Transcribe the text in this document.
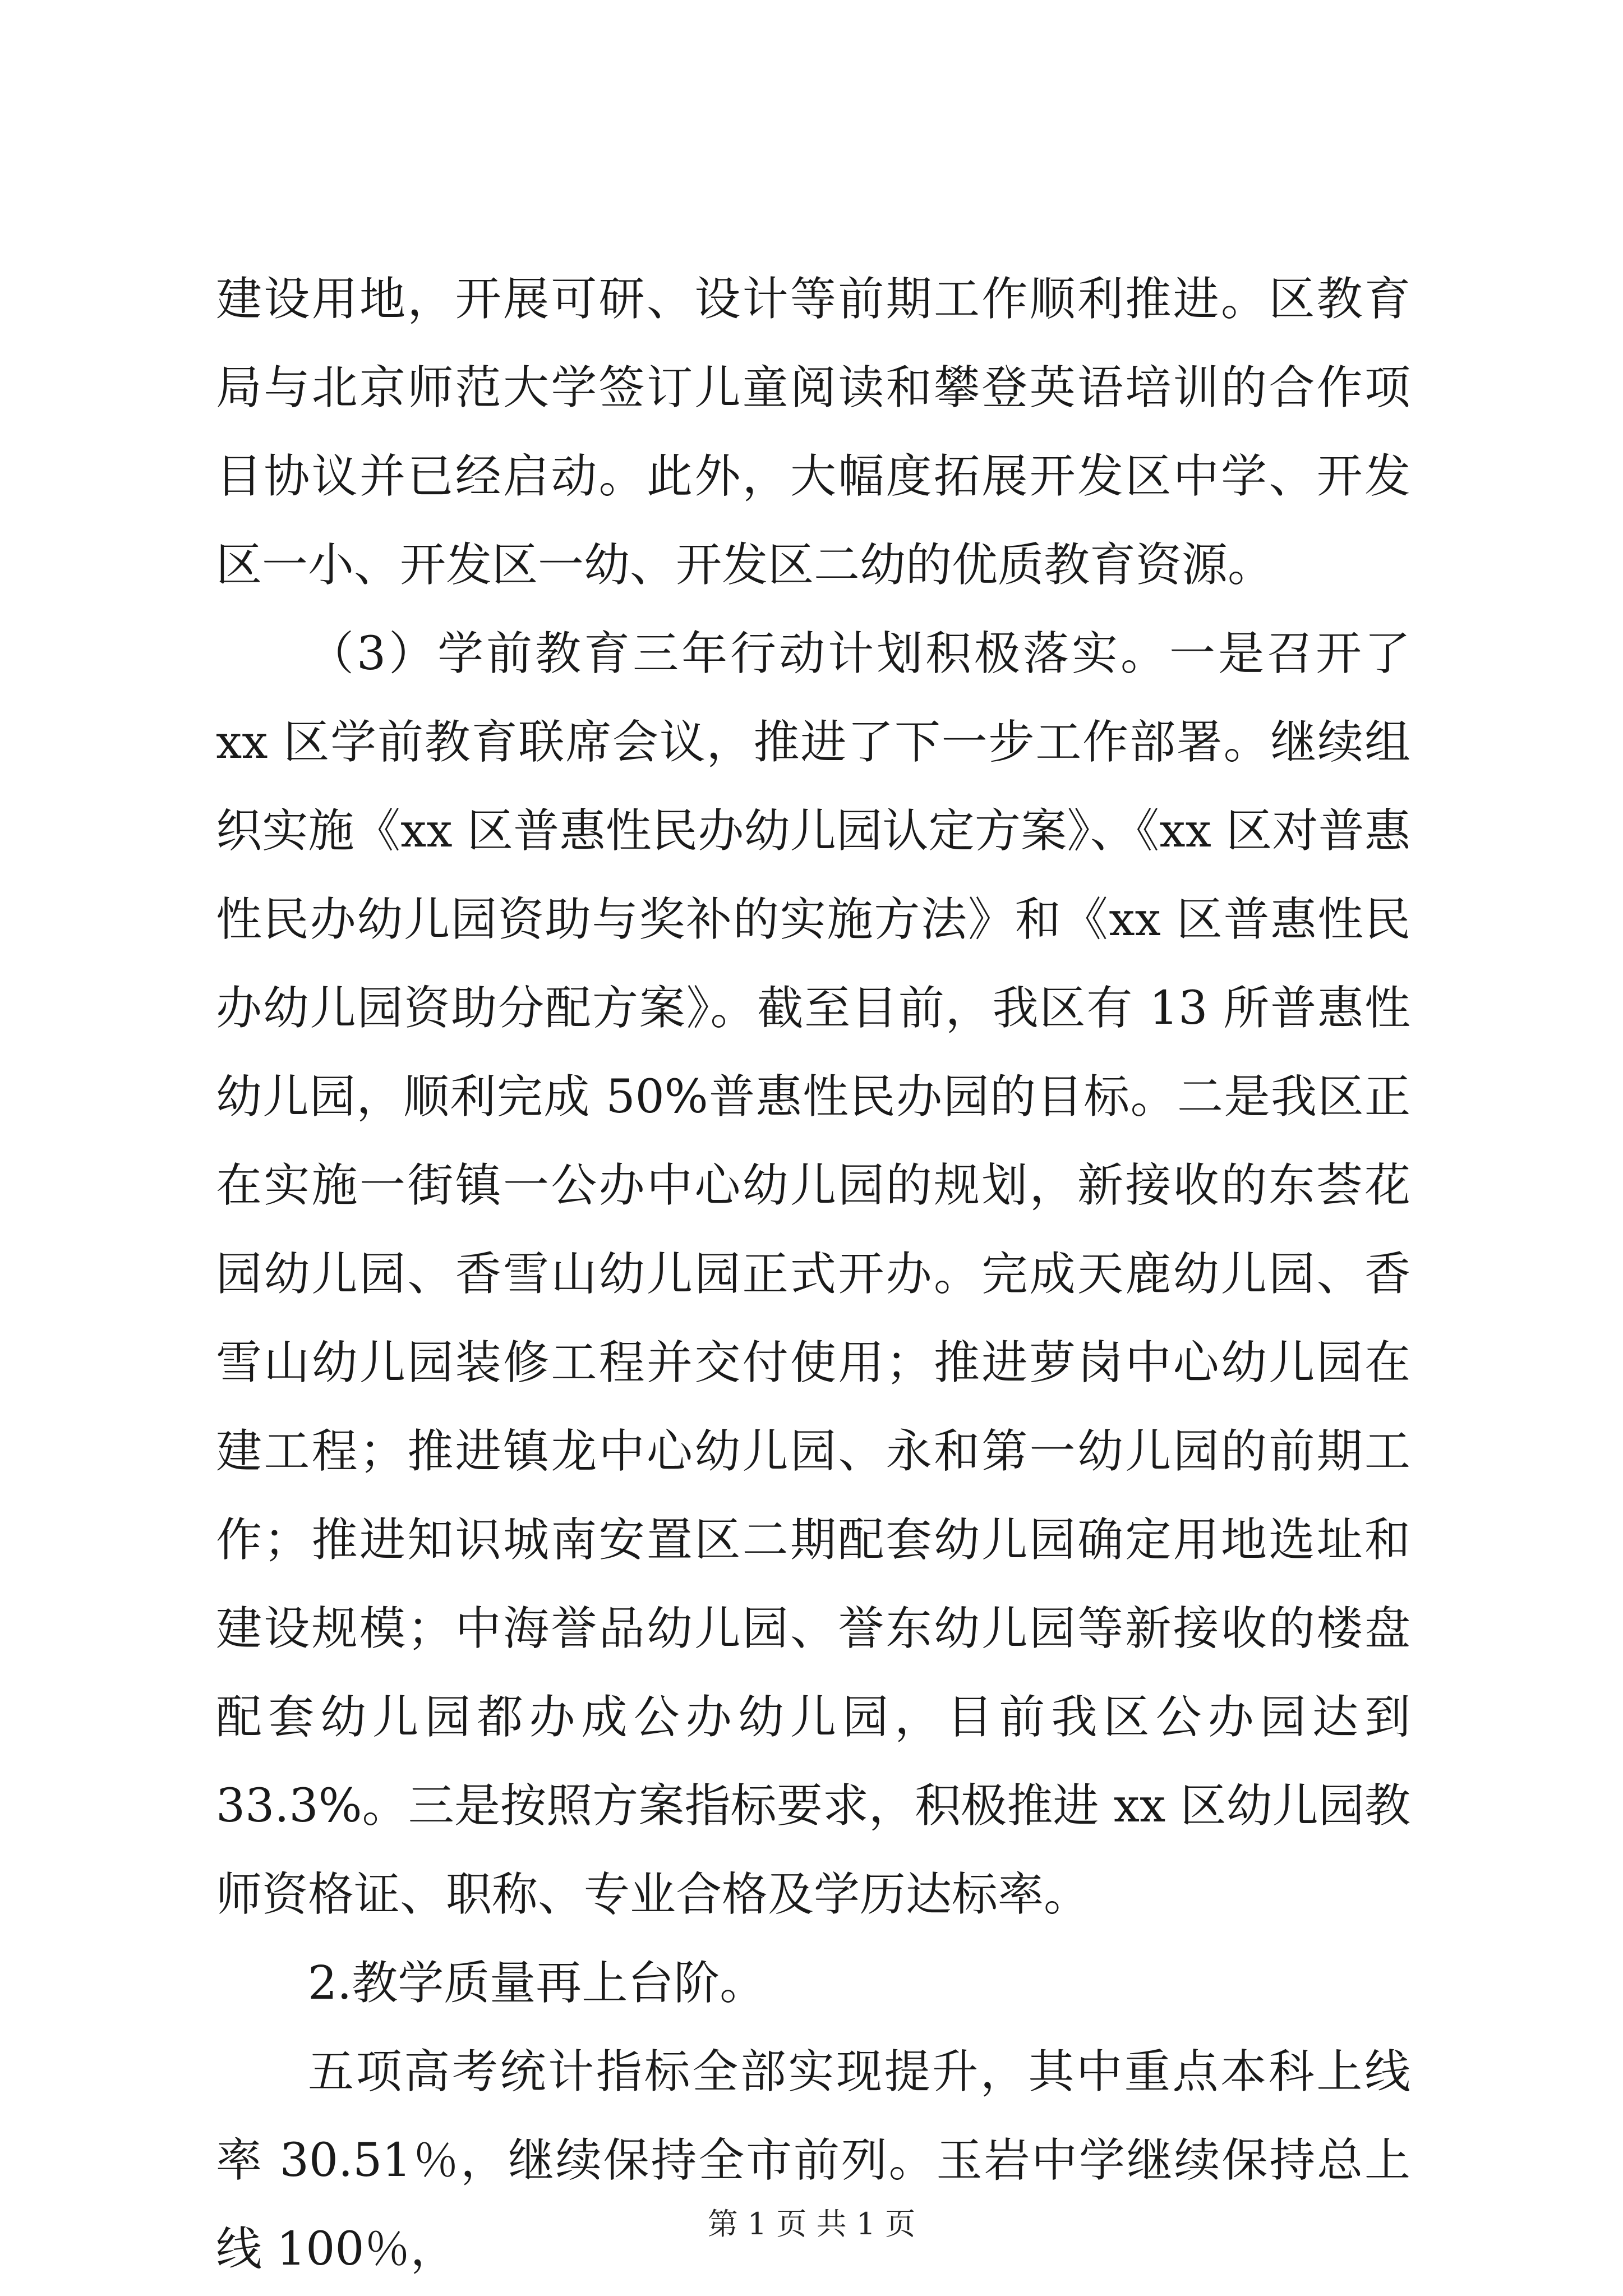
建设用地，开展可研、设计等前期工作顺利推进。区教育局与北京师范大学签订儿童阅读和攀登英语培训的合作项目协议并已经启动。此外，大幅度拓展开发区中学、开发区一小、开发区一幼、开发区二幼的优质教育资源。

（3）学前教育三年行动计划积极落实。一是召开了 xx 区学前教育联席会议，推进了下一步工作部署。继续组织实施《xx 区普惠性民办幼儿园认定方案》、《xx 区对普惠性民办幼儿园资助与奖补的实施方法》和《xx 区普惠性民办幼儿园资助分配方案》。截至目前，我区有 13 所普惠性幼儿园，顺利完成 50%普惠性民办园的目标。二是我区正在实施一街镇一公办中心幼儿园的规划，新接收的东荟花园幼儿园、香雪山幼儿园正式开办。完成天鹿幼儿园、香雪山幼儿园装修工程并交付使用；推进萝岗中心幼儿园在建工程；推进镇龙中心幼儿园、永和第一幼儿园的前期工作；推进知识城南安置区二期配套幼儿园确定用地选址和建设规模；中海誉品幼儿园、誉东幼儿园等新接收的楼盘配套幼儿园都办成公办幼儿园，目前我区公办园达到 33.3%。三是按照方案指标要求，积极推进 xx 区幼儿园教师资格证、职称、专业合格及学历达标率。

2.教学质量再上台阶。

五项高考统计指标全部实现提升，其中重点本科上线率 30.51％，继续保持全市前列。玉岩中学继续保持总上线 100％，	第 1 页 共 1 页
